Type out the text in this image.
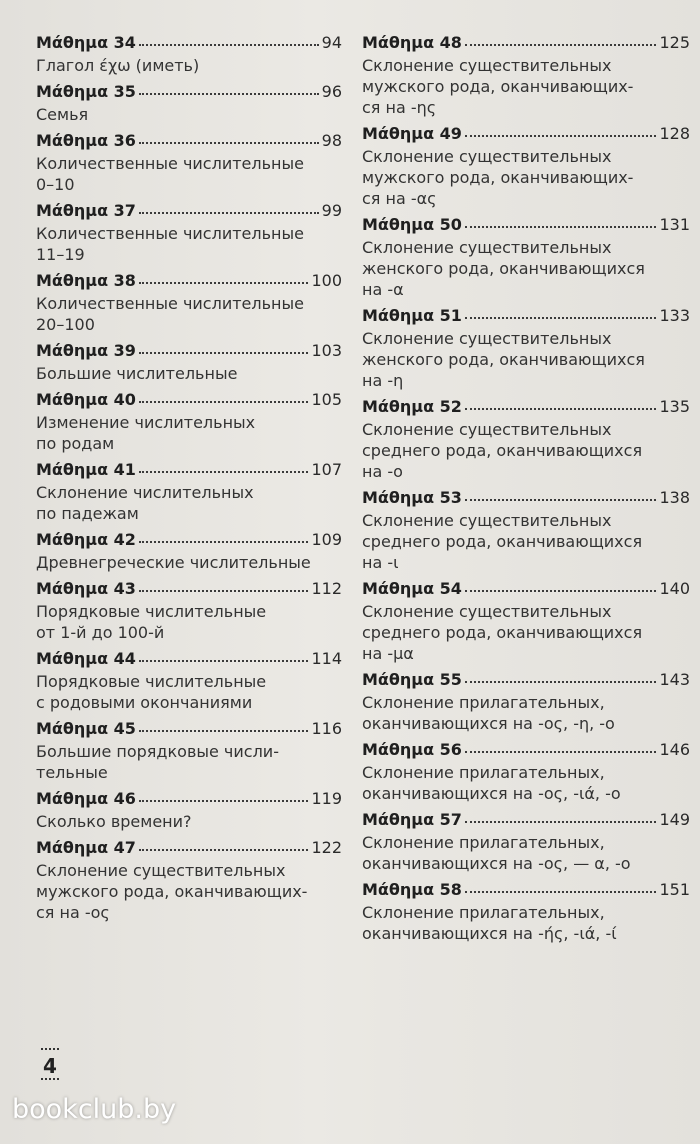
Μάθημα 34	94
Глагол έχω (иметь)
Μάθημα 35	96
Семья
Μάθημα 36	98
Количественные числительные
0–10
Μάθημα 37	99
Количественные числительные
11–19
Μάθημα 38	100
Количественные числительные
20–100
Μάθημα 39	103
Большие числительные
Μάθημα 40	105
Изменение числительных
по родам
Μάθημα 41	107
Склонение числительных
по падежам
Μάθημα 42	109
Древнегреческие числительные
Μάθημα 43	112
Порядковые числительные
от 1-й до 100-й
Μάθημα 44	114
Порядковые числительные
с родовыми окончаниями
Μάθημα 45	116
Большие порядковые числи-
тельные
Μάθημα 46	119
Сколько времени?
Μάθημα 47	122
Склонение существительных
мужского рода, оканчивающих-
ся на -ος
Μάθημα 48	125
Склонение существительных
мужского рода, оканчивающих-
ся на -ης
Μάθημα 49	128
Склонение существительных
мужского рода, оканчивающих-
ся на -ας
Μάθημα 50	131
Склонение существительных
женского рода, оканчивающихся
на -α
Μάθημα 51	133
Склонение существительных
женского рода, оканчивающихся
на -η
Μάθημα 52	135
Склонение существительных
среднего рода, оканчивающихся
на -ο
Μάθημα 53	138
Склонение существительных
среднего рода, оканчивающихся
на -ι
Μάθημα 54	140
Склонение существительных
среднего рода, оканчивающихся
на -μα
Μάθημα 55	143
Склонение прилагательных,
оканчивающихся на -ος, -η, -ο
Μάθημα 56	146
Склонение прилагательных,
оканчивающихся на -ος, -ιά, -ο
Μάθημα 57	149
Склонение прилагательных,
оканчивающихся на -ος, — α, -ο
Μάθημα 58	151
Склонение прилагательных,
оканчивающихся на -ής, -ιά, -ί
4
bookclub.by
